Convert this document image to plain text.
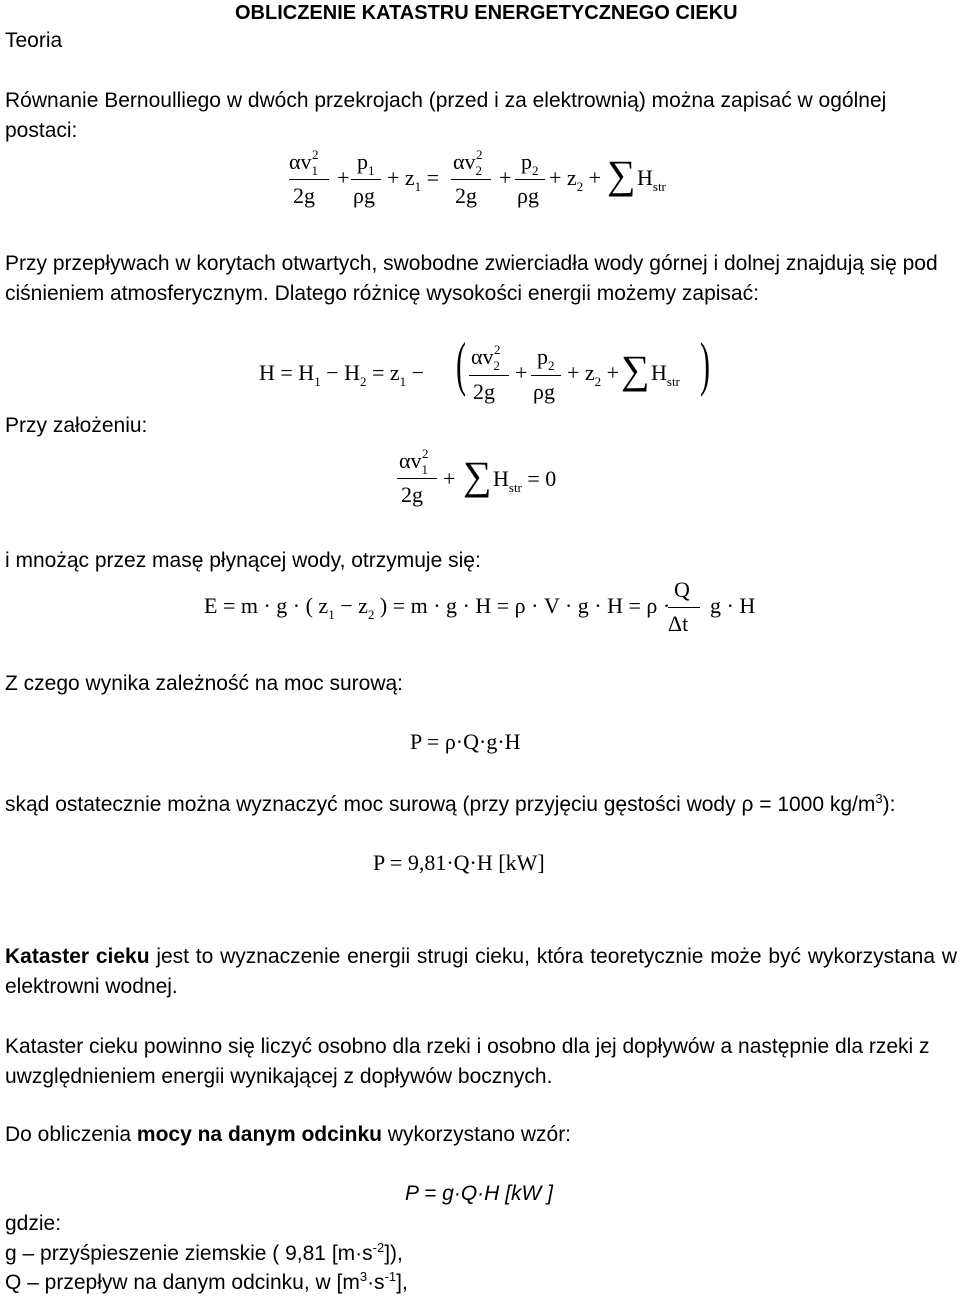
Teoria
OBLICZENIE KATASTRU ENERGETYCZNEGO CIEKU
Równanie Bernoulliego w dwóch przekrojach (przed i za elektrownią) można zapisać w ogólnej postaci:
$\alpha v_1^2$
2g
+
$p_1$
ρg
+ $z_1$ =
$\alpha v_2^2$
2g
+
$p_2$
ρg
+ $z_2$ + ∑ $H_{str}$
Przy przepływach w korytach otwartych, swobodne zwierciadła wody górnej i dolnej znajdują się pod ciśnieniem atmosferycznym. Dlatego różnicę wysokości energii możemy zapisać:
$H = H_1 - H_2 = z_1$ − ( $\alpha v_2^2$
2g
+
$p_2$
ρg
+ $z_2$ + ∑ $H_{str}$ )
Przy założeniu:
$\alpha v_1^2$
2g
+ ∑ $H_{str} = 0$
i mnożąc przez masę płynącej wody, otrzymuje się:
E = m · g · ( $z_1 - z_2$ ) = m · g · H = ρ · V · g · H = ρ ·
Q
Δt
g · H
Z czego wynika zależność na moc surową:
P = ρ·Q·g·H
skąd ostatecznie można wyznaczyć moc surową (przy przyjęciu gęstości wody ρ = 1000 $kg/m^3$):
P = 9,81·Q·H [kW]
Kataster cieku jest to wyznaczenie energii strugi cieku, która teoretycznie może być wykorzystana w elektrowni wodnej.
Kataster cieku powinno się liczyć osobno dla rzeki i osobno dla jej dopływów a następnie dla rzeki z uwzględnieniem energii wynikającej z dopływów bocznych.
Do obliczenia mocy na danym odcinku wykorzystano wzór:
P = g·Q·H [kW ]
gdzie:
g – przyśpieszenie ziemskie ( 9,81 $[m\cdot s^{-2}]$),
Q – przepływ na danym odcinku, w $[m^3\cdot s^{-1}]$,
